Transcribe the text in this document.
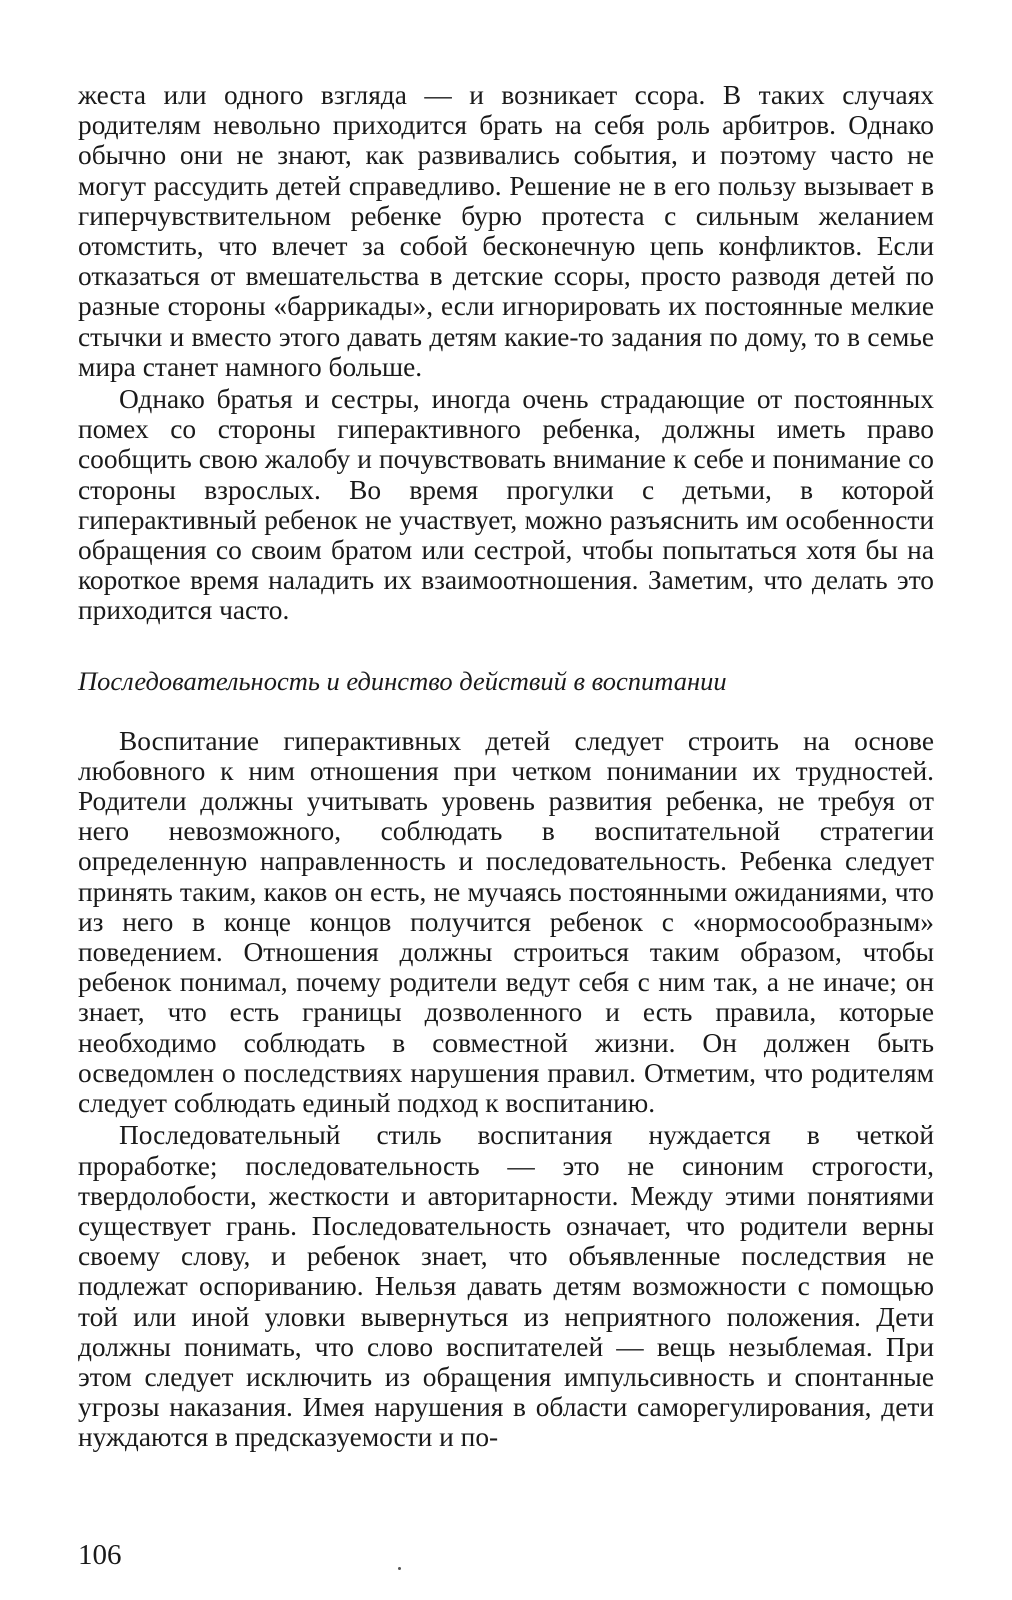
жеста или одного взгляда — и возникает ссора. В таких случаях родителям невольно приходится брать на себя роль арбитров. Однако обычно они не знают, как развивались события, и поэтому часто не могут рассудить детей справедливо. Решение не в его пользу вызывает в гиперчувствительном ребенке бурю протеста с сильным желанием отомстить, что влечет за собой бесконечную цепь конфликтов. Если отказаться от вмешательства в детские ссоры, просто разводя детей по разные стороны «баррикады», если игнорировать их постоянные мелкие стычки и вместо этого давать детям какие-то задания по дому, то в семье мира станет намного больше.

Однако братья и сестры, иногда очень страдающие от постоянных помех со стороны гиперактивного ребенка, должны иметь право сообщить свою жалобу и почувствовать внимание к себе и понимание со стороны взрослых. Во время прогулки с детьми, в которой гиперактивный ребенок не участвует, можно разъяснить им особенности обращения со своим братом или сестрой, чтобы попытаться хотя бы на короткое время наладить их взаимоотношения. Заметим, что делать это приходится часто.

Последовательность и единство действий в воспитании

Воспитание гиперактивных детей следует строить на основе любовного к ним отношения при четком понимании их трудностей. Родители должны учитывать уровень развития ребенка, не требуя от него невозможного, соблюдать в воспитательной стратегии определенную направленность и последовательность. Ребенка следует принять таким, каков он есть, не мучаясь постоянными ожиданиями, что из него в конце концов получится ребенок с «нормосообразным» поведением. Отношения должны строиться таким образом, чтобы ребенок понимал, почему родители ведут себя с ним так, а не иначе; он знает, что есть границы дозволенного и есть правила, которые необходимо соблюдать в совместной жизни. Он должен быть осведомлен о последствиях нарушения правил. Отметим, что родителям следует соблюдать единый подход к воспитанию.

Последовательный стиль воспитания нуждается в четкой проработке; последовательность — это не синоним строгости, твердолобости, жесткости и авторитарности. Между этими понятиями существует грань. Последовательность означает, что родители верны своему слову, и ребенок знает, что объявленные последствия не подлежат оспориванию. Нельзя давать детям возможности с помощью той или иной уловки вывернуться из неприятного положения. Дети должны понимать, что слово воспитателей — вещь незыблемая. При этом следует исключить из обращения импульсивность и спонтанные угрозы наказания. Имея нарушения в области саморегулирования, дети нуждаются в предсказуемости и по-

106
